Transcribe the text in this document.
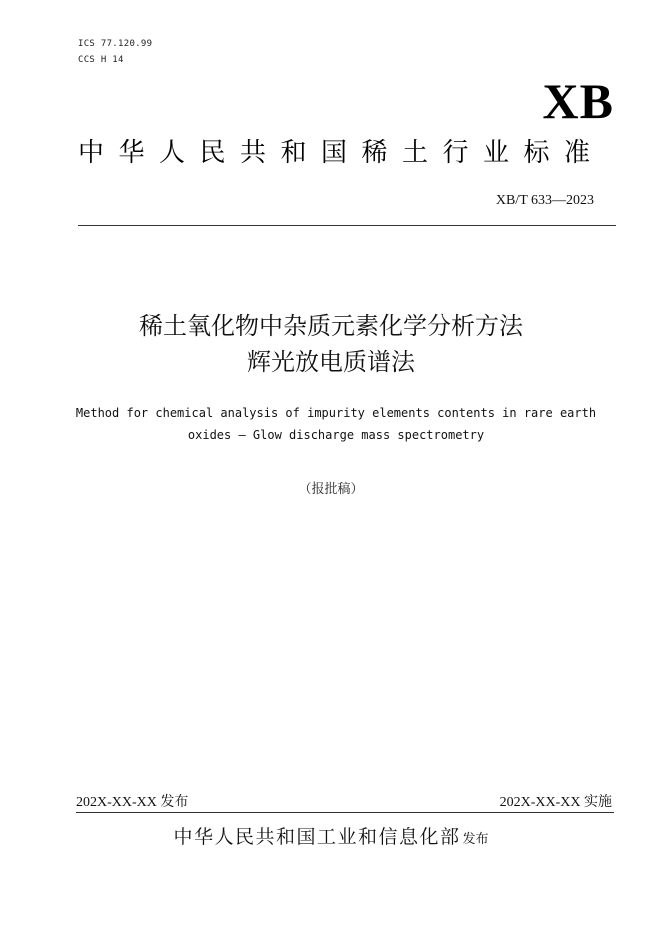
ICS 77.120.99
CCS H 14
XB
中华人民共和国稀土行业标准
XB/T 633—2023
稀土氧化物中杂质元素化学分析方法
辉光放电质谱法
Method for chemical analysis of impurity elements contents in rare earth
oxides — Glow discharge mass spectrometry
（报批稿）
202X-XX-XX 发布	202X-XX-XX 实施
中华人民共和国工业和信息化部 发布
